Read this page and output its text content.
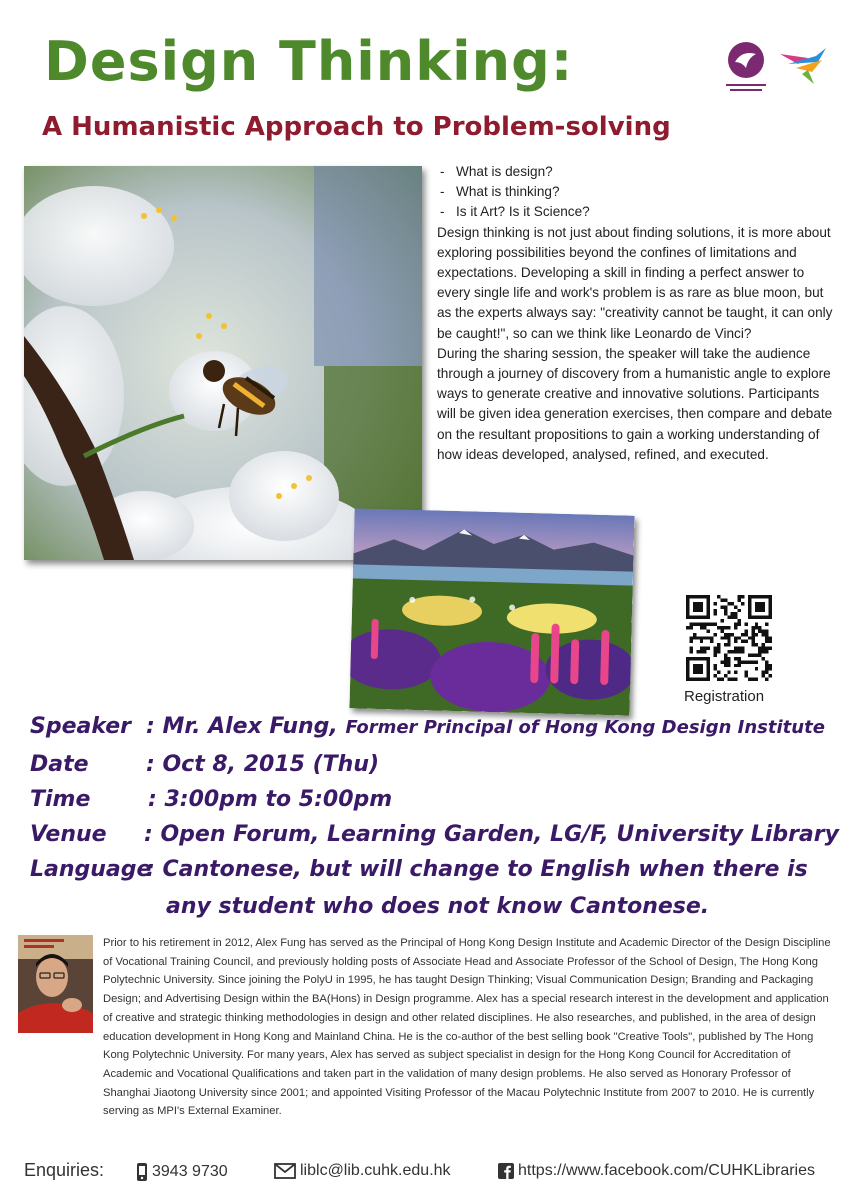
Design Thinking:
A Humanistic Approach to Problem-solving
- What is design?
- What is thinking?
- Is it Art? Is it Science?

Design thinking is not just about finding solutions, it is more about exploring possibilities beyond the confines of limitations and expectations. Developing a skill in finding a perfect answer to every single life and work's problem is as rare as blue moon, but as the experts always say: "creativity cannot be taught, it can only be caught!", so can we think like Leonardo de Vinci?

During the sharing session, the speaker will take the audience through a journey of discovery from a humanistic angle to explore ways to generate creative and innovative solutions. Participants will be given idea generation exercises, then compare and debate on the resultant propositions to gain a working understanding of how ideas developed, analysed, refined, and executed.

Registration
Speaker : Mr. Alex Fung, Former Principal of Hong Kong Design Institute
Date	: Oct 8, 2015 (Thu)
Time	: 3:00pm to 5:00pm
Venue : Open Forum, Learning Garden, LG/F, University Library
Language
: Cantonese, but will change to English when there is
any student who does not know Cantonese.
Prior to his retirement in 2012, Alex Fung has served as the Principal of Hong Kong Design Institute and Academic Director of the Design Discipline of Vocational Training Council, and previously holding posts of Associate Head and Associate Professor of the School of Design, The Hong Kong Polytechnic University. Since joining the PolyU in 1995, he has taught Design Thinking; Visual Communication Design; Branding and Packaging Design; and Advertising Design within the BA(Hons) in Design programme. Alex has a special research interest in the development and application of creative and strategic thinking methodologies in design and other related disciplines. He also researches, and published, in the area of design education development in Hong Kong and Mainland China. He is the co-author of the best selling book "Creative Tools", published by The Hong Kong Polytechnic University. For many years, Alex has served as subject specialist in design for the Hong Kong Council for Accreditation of Academic and Vocational Qualifications and taken part in the validation of many design problems. He also served as Honorary Professor of Shanghai Jiaotong University since 2001; and appointed Visiting Professor of the Macau Polytechnic Institute from 2007 to 2010. He is currently serving as MPI's External Examiner.
Enquiries:	3943 9730	liblc@lib.cuhk.edu.hk	https://www.facebook.com/CUHKLibraries
